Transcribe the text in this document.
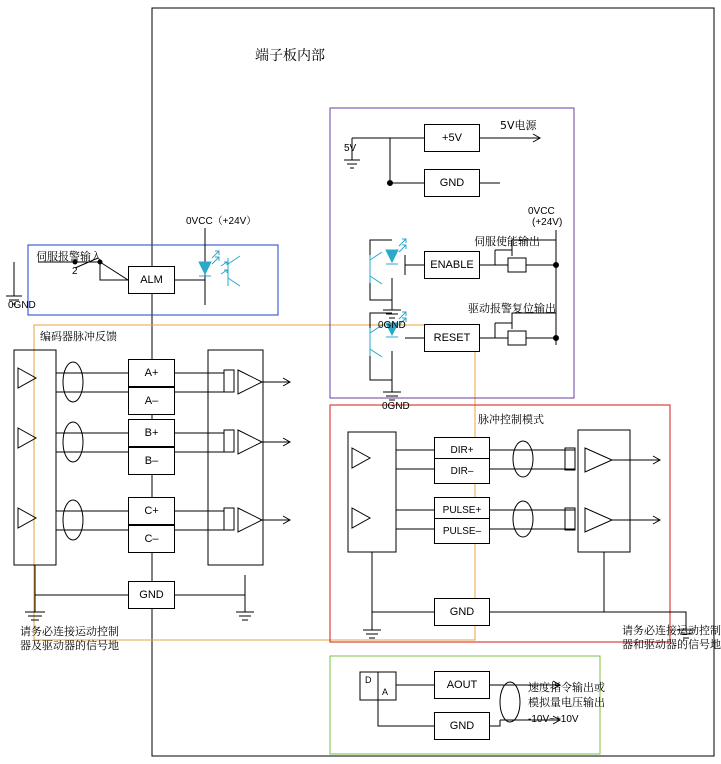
端子板内部
ALM
+5V
GND
ENABLE
RESET
A+
A–
B+
B–
C+
C–
GND
DIR+
DIR–
PULSE+
PULSE–
GND
AOUT
GND
D
A
伺服报警输入
2
0GND
0VCC（+24V）
编码器脉冲反馈
请务必连接运动控制
器及驱动器的信号地
5V
5V电源
伺服使能输出
驱动报警复位输出
0VCC
(+24V)
0GND
0GND
脉冲控制模式
请务必连接运动控制
器和驱动器的信号地
速度指令输出或
模拟量电压输出
-10V~+10V
